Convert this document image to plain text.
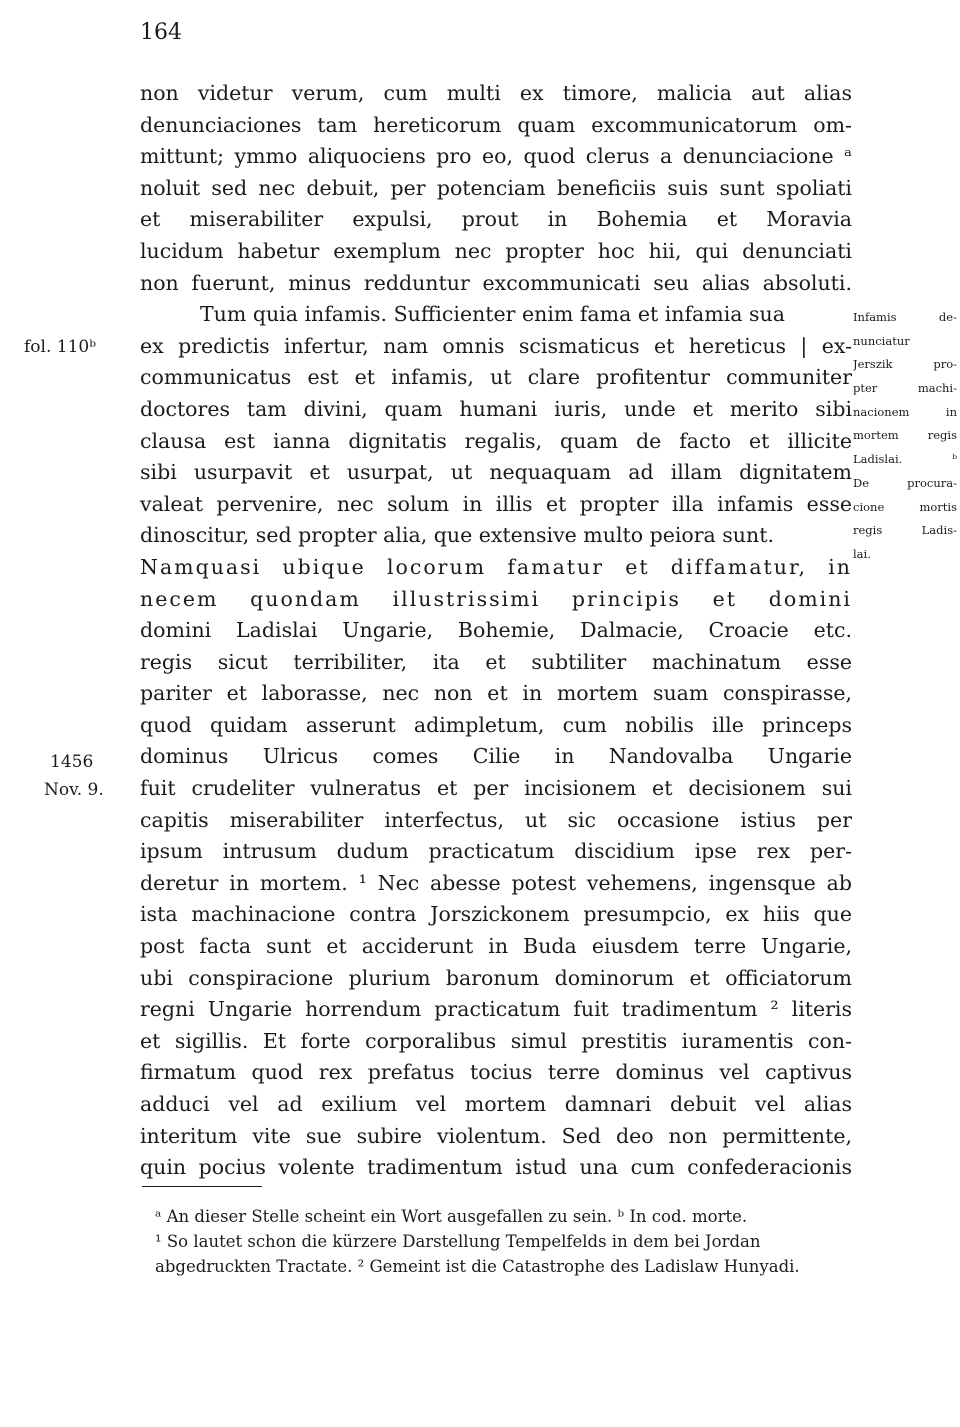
164
non videtur verum, cum multi ex timore, malicia aut alias
denunciaciones tam hereticorum quam excommunicatorum om-
mittunt; ymmo aliquociens pro eo, quod clerus a denunciacione ᵃ
noluit sed nec debuit, per potenciam beneficiis suis sunt spoliati
et miserabiliter expulsi, prout in Bohemia et Moravia
lucidum habetur exemplum nec propter hoc hii, qui denunciati
non fuerunt, minus redduntur excommunicati seu alias absoluti.
Tum quia infamis. Sufficienter enim fama et infamia sua
ex predictis infertur, nam omnis scismaticus et hereticus | ex-
communicatus est et infamis, ut clare profitentur communiter
doctores tam divini, quam humani iuris, unde et merito sibi
clausa est ianna dignitatis regalis, quam de facto et illicite
sibi usurpavit et usurpat, ut nequaquam ad illam dignitatem
valeat pervenire, nec solum in illis et propter illa infamis esse
dinoscitur, sed propter alia, que extensive multo peiora sunt.
Namquasi ubique locorum famatur et diffamatur, in
necem quondam illustrissimi principis et domini
domini Ladislai Ungarie, Bohemie, Dalmacie, Croacie etc.
regis sicut terribiliter, ita et subtiliter machinatum esse
pariter et laborasse, nec non et in mortem suam conspirasse,
quod quidam asserunt adimpletum, cum nobilis ille princeps
dominus Ulricus comes Cilie in Nandovalba Ungarie
fuit crudeliter vulneratus et per incisionem et decisionem sui
capitis miserabiliter interfectus, ut sic occasione istius per
ipsum intrusum dudum practicatum discidium ipse rex per-
deretur in mortem. ¹ Nec abesse potest vehemens, ingensque ab
ista machinacione contra Jorszickonem presumpcio, ex hiis que
post facta sunt et acciderunt in Buda eiusdem terre Ungarie,
ubi conspiracione plurium baronum dominorum et officiatorum
regni Ungarie horrendum practicatum fuit tradimentum ² literis
et sigillis. Et forte corporalibus simul prestitis iuramentis con-
firmatum quod rex prefatus tocius terre dominus vel captivus
adduci vel ad exilium vel mortem damnari debuit vel alias
interitum vite sue subire violentum. Sed deo non permittente,
quin pocius volente tradimentum istud una cum confederacionis
fol. 110ᵇ
1456
Nov. 9.
Infamis de-
nunciatur
Jerszik pro-
pter machi-
nacionem in
mortem regis
Ladislai. ᵇ
De procura-
cione mortis
regis Ladis-
lai.

ᵃ An dieser Stelle scheint ein Wort ausgefallen zu sein. ᵇ In cod. morte.

¹ So lautet schon die kürzere Darstellung Tempelfelds in dem bei Jordan abgedruckten Tractate. ² Gemeint ist die Catastrophe des Ladislaw Hunyadi.
